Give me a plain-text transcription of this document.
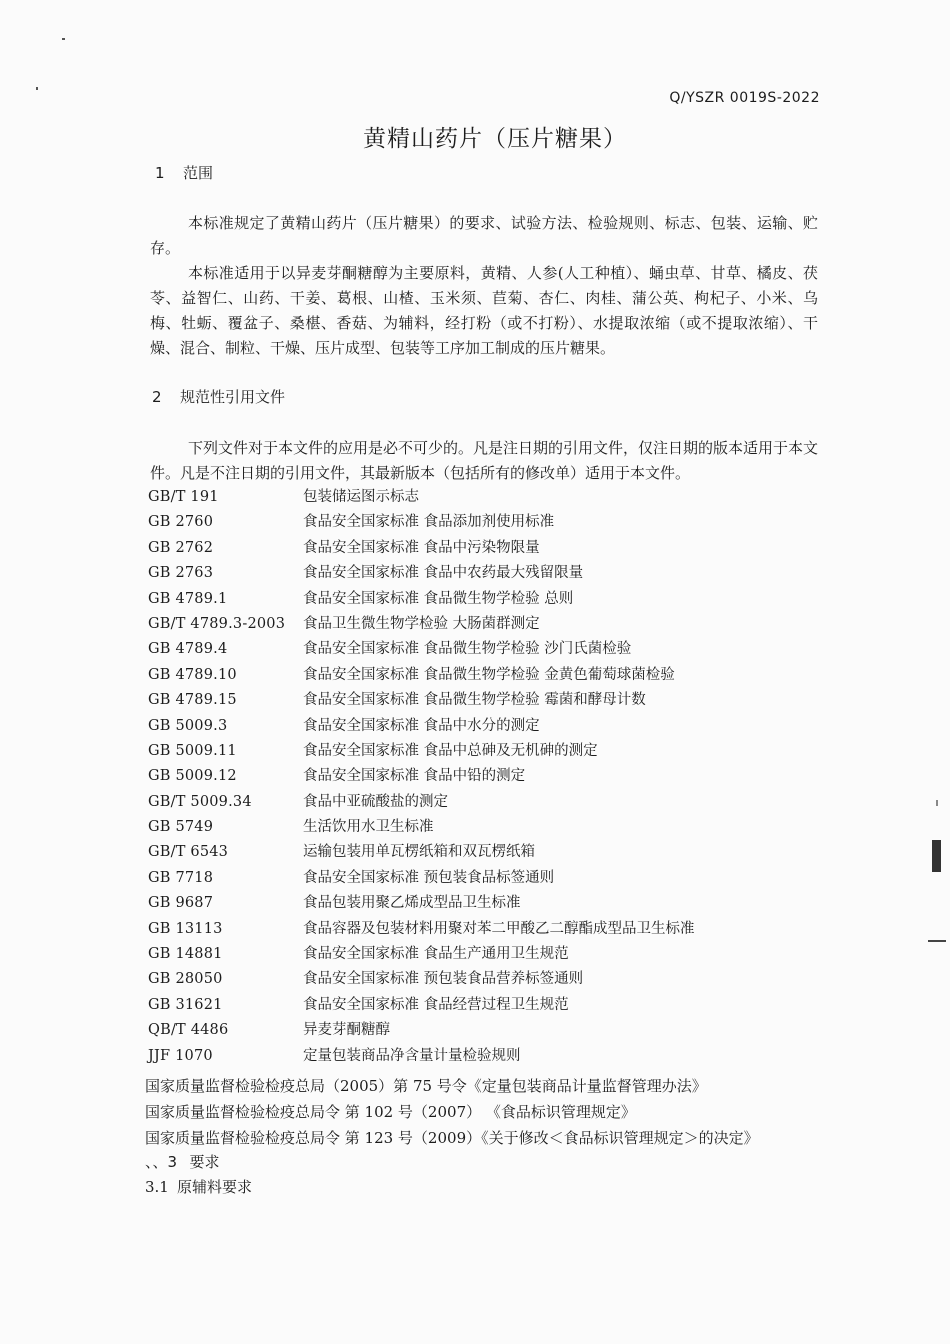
Q/YSZR 0019S-2022
黄精山药片（压片糖果）
1 范围

本标准规定了黄精山药片（压片糖果）的要求、试验方法、检验规则、标志、包装、运输、贮存。

本标准适用于以异麦芽酮糖醇为主要原料，黄精、人参(人工种植）、蛹虫草、甘草、橘皮、茯苓、益智仁、山药、干姜、葛根、山楂、玉米须、苣菊、杏仁、肉桂、蒲公英、枸杞子、小米、乌梅、牡蛎、覆盆子、桑椹、香菇、为辅料，经打粉（或不打粉）、水提取浓缩（或不提取浓缩）、干燥、混合、制粒、干燥、压片成型、包装等工序加工制成的压片糖果。

2 规范性引用文件

下列文件对于本文件的应用是必不可少的。凡是注日期的引用文件，仅注日期的版本适用于本文件。凡是不注日期的引用文件，其最新版本（包括所有的修改单）适用于本文件。

GB/T 191	包装储运图示标志
GB 2760	食品安全国家标准 食品添加剂使用标准
GB 2762	食品安全国家标准 食品中污染物限量
GB 2763	食品安全国家标准 食品中农药最大残留限量
GB 4789.1	食品安全国家标准 食品微生物学检验 总则
GB/T 4789.3-2003 食品卫生微生物学检验 大肠菌群测定
GB 4789.4	食品安全国家标准 食品微生物学检验 沙门氏菌检验
GB 4789.10	食品安全国家标准 食品微生物学检验 金黄色葡萄球菌检验
GB 4789.15	食品安全国家标准 食品微生物学检验 霉菌和酵母计数
GB 5009.3	食品安全国家标准 食品中水分的测定
GB 5009.11	食品安全国家标准 食品中总砷及无机砷的测定
GB 5009.12	食品安全国家标准 食品中铅的测定
GB/T 5009.34	食品中亚硫酸盐的测定
GB 5749	生活饮用水卫生标准
GB/T 6543	运输包装用单瓦楞纸箱和双瓦楞纸箱
GB 7718	食品安全国家标准 预包装食品标签通则
GB 9687	食品包装用聚乙烯成型品卫生标准
GB 13113	食品容器及包装材料用聚对苯二甲酸乙二醇酯成型品卫生标准
GB 14881	食品安全国家标准 食品生产通用卫生规范
GB 28050	食品安全国家标准 预包装食品营养标签通则
GB 31621	食品安全国家标准 食品经营过程卫生规范
QB/T 4486	异麦芽酮糖醇
JJF 1070	定量包装商品净含量计量检验规则
国家质量监督检验检疫总局（2005）第 75 号令《定量包装商品计量监督管理办法》
国家质量监督检验检疫总局令 第 102 号（2007） 《食品标识管理规定》
国家质量监督检验检疫总局令 第 123 号（2009）《关于修改＜食品标识管理规定＞的决定》
、、3 要求
3.1 原辅料要求
